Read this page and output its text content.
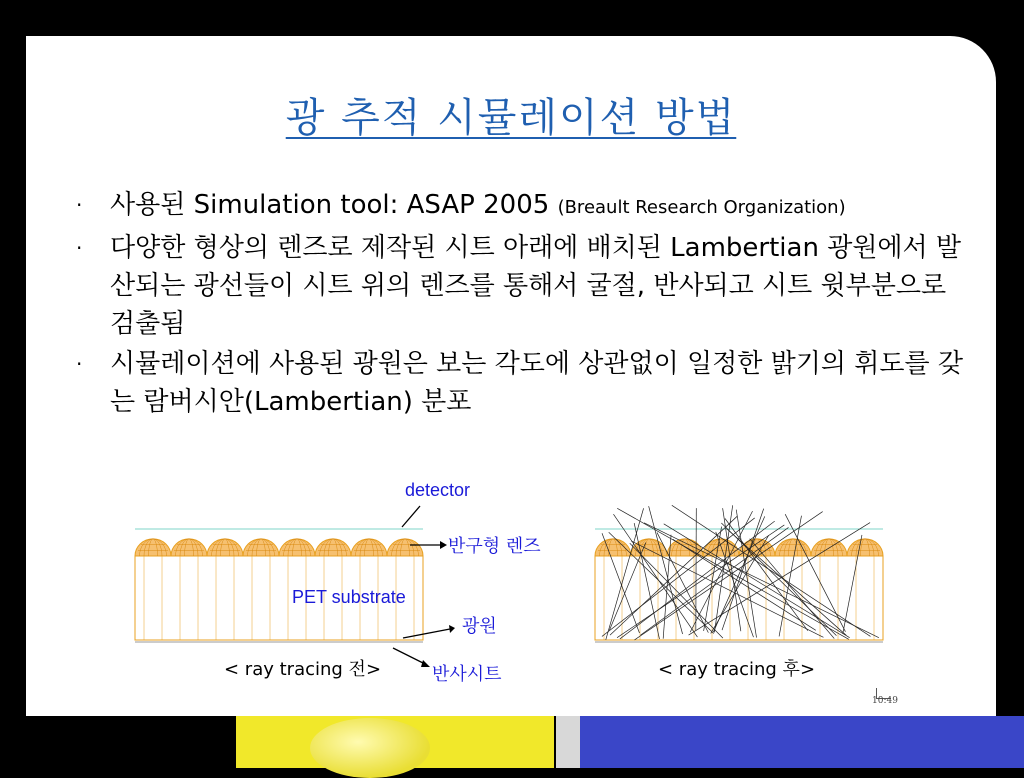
광 추적 시뮬레이션 방법
· 사용된 Simulation tool: ASAP 2005 (Breault Research Organization)
· 다양한 형상의 렌즈로 제작된 시트 아래에 배치된 Lambertian 광원에서 발산되는 광선들이 시트 위의 렌즈를 통해서 굴절, 반사되고 시트 윗부분으로 검출됨
· 시뮬레이션에 사용된 광원은 보는 각도에 상관없이 일정한 밝기의 휘도를 갖는 람버시안(Lambertian) 분포
10:49
detector
반구형 렌즈
PET substrate
광원
반사시트
< ray tracing 전>	< ray tracing 후>
